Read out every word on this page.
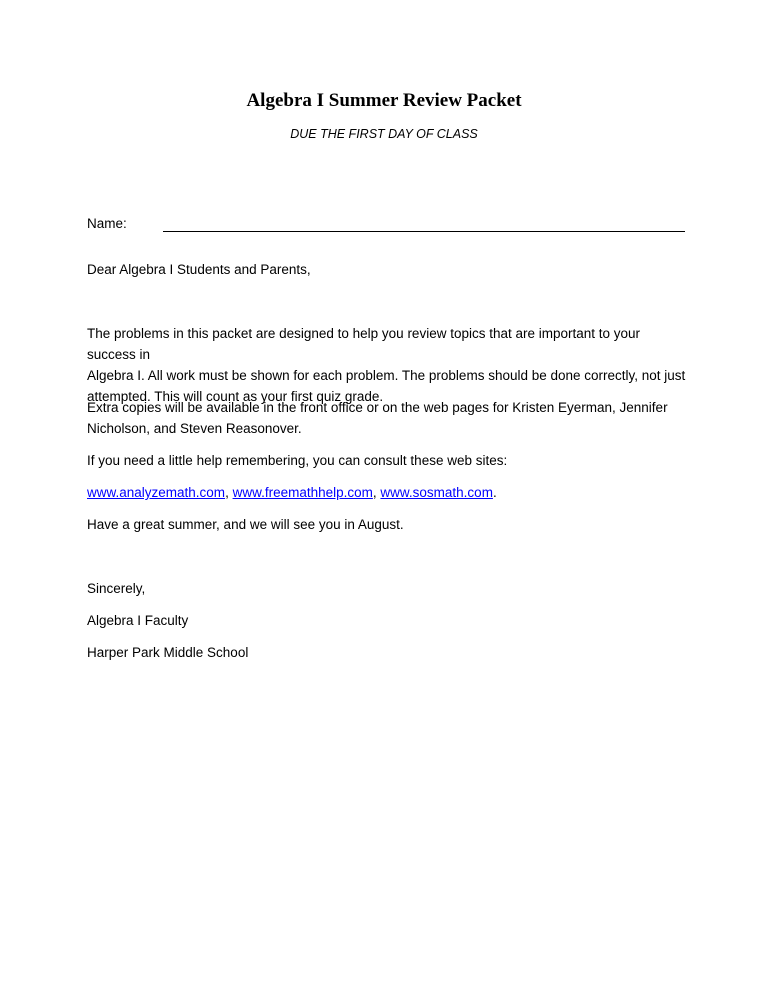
Algebra I Summer Review Packet
DUE THE FIRST DAY OF CLASS
Name:

Dear Algebra I Students and Parents,

The problems in this packet are designed to help you review topics that are important to your success in
Algebra I. All work must be shown for each problem. The problems should be done correctly, not just
attempted. This will count as your first quiz grade.
Extra copies will be available in the front office or on the web pages for Kristen Eyerman, Jennifer
Nicholson, and Steven Reasonover.

If you need a little help remembering, you can consult these web sites:

www.analyzemath.com, www.freemathhelp.com, www.sosmath.com.

Have a great summer, and we will see you in August.

Sincerely,

Algebra I Faculty

Harper Park Middle School
